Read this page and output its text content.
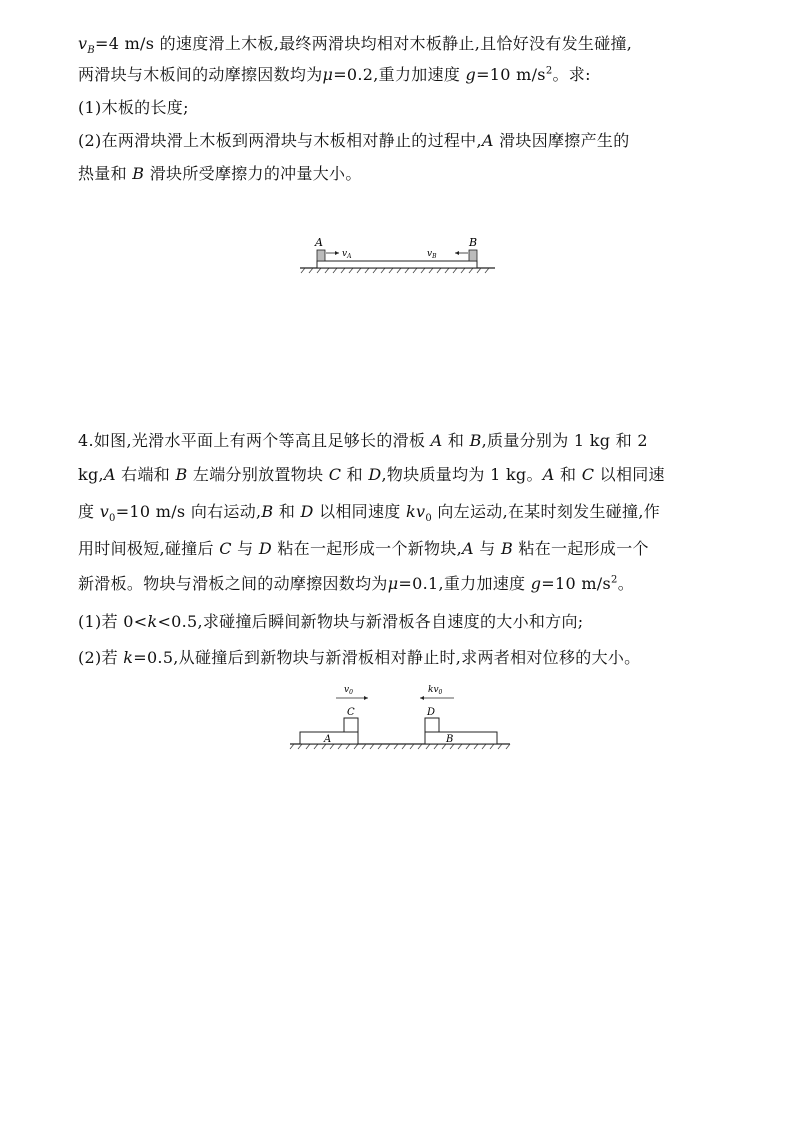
$v_B=4$ m/s 的速度滑上木板,最终两滑块均相对木板静止,且恰好没有发生碰撞,
两滑块与木板间的动摩擦因数均为μ=0.2,重力加速度 g=10 $m/s^2$。求:
(1)木板的长度;
(2)在两滑块滑上木板到两滑块与木板相对静止的过程中,A 滑块因摩擦产生的
热量和 B 滑块所受摩擦力的冲量大小。
A	B
$v_A$	$v_B$
4.如图,光滑水平面上有两个等高且足够长的滑板 A 和 B,质量分别为 1 kg 和 2
kg,A 右端和 B 左端分别放置物块 C 和 D,物块质量均为 1 kg。A 和 C 以相同速
度 $v_0=10$ m/s 向右运动,B 和 D 以相同速度 $kv_0$ 向左运动,在某时刻发生碰撞,作
用时间极短,碰撞后 C 与 D 粘在一起形成一个新物块,A 与 B 粘在一起形成一个
新滑板。物块与滑板之间的动摩擦因数均为μ=0.1,重力加速度 g=10 $m/s^2$。
(1)若 0<k<0.5,求碰撞后瞬间新物块与新滑板各自速度的大小和方向;
(2)若 k=0.5,从碰撞后到新物块与新滑板相对静止时,求两者相对位移的大小。
A	B
C	D
$v_0$	$kv_0$
